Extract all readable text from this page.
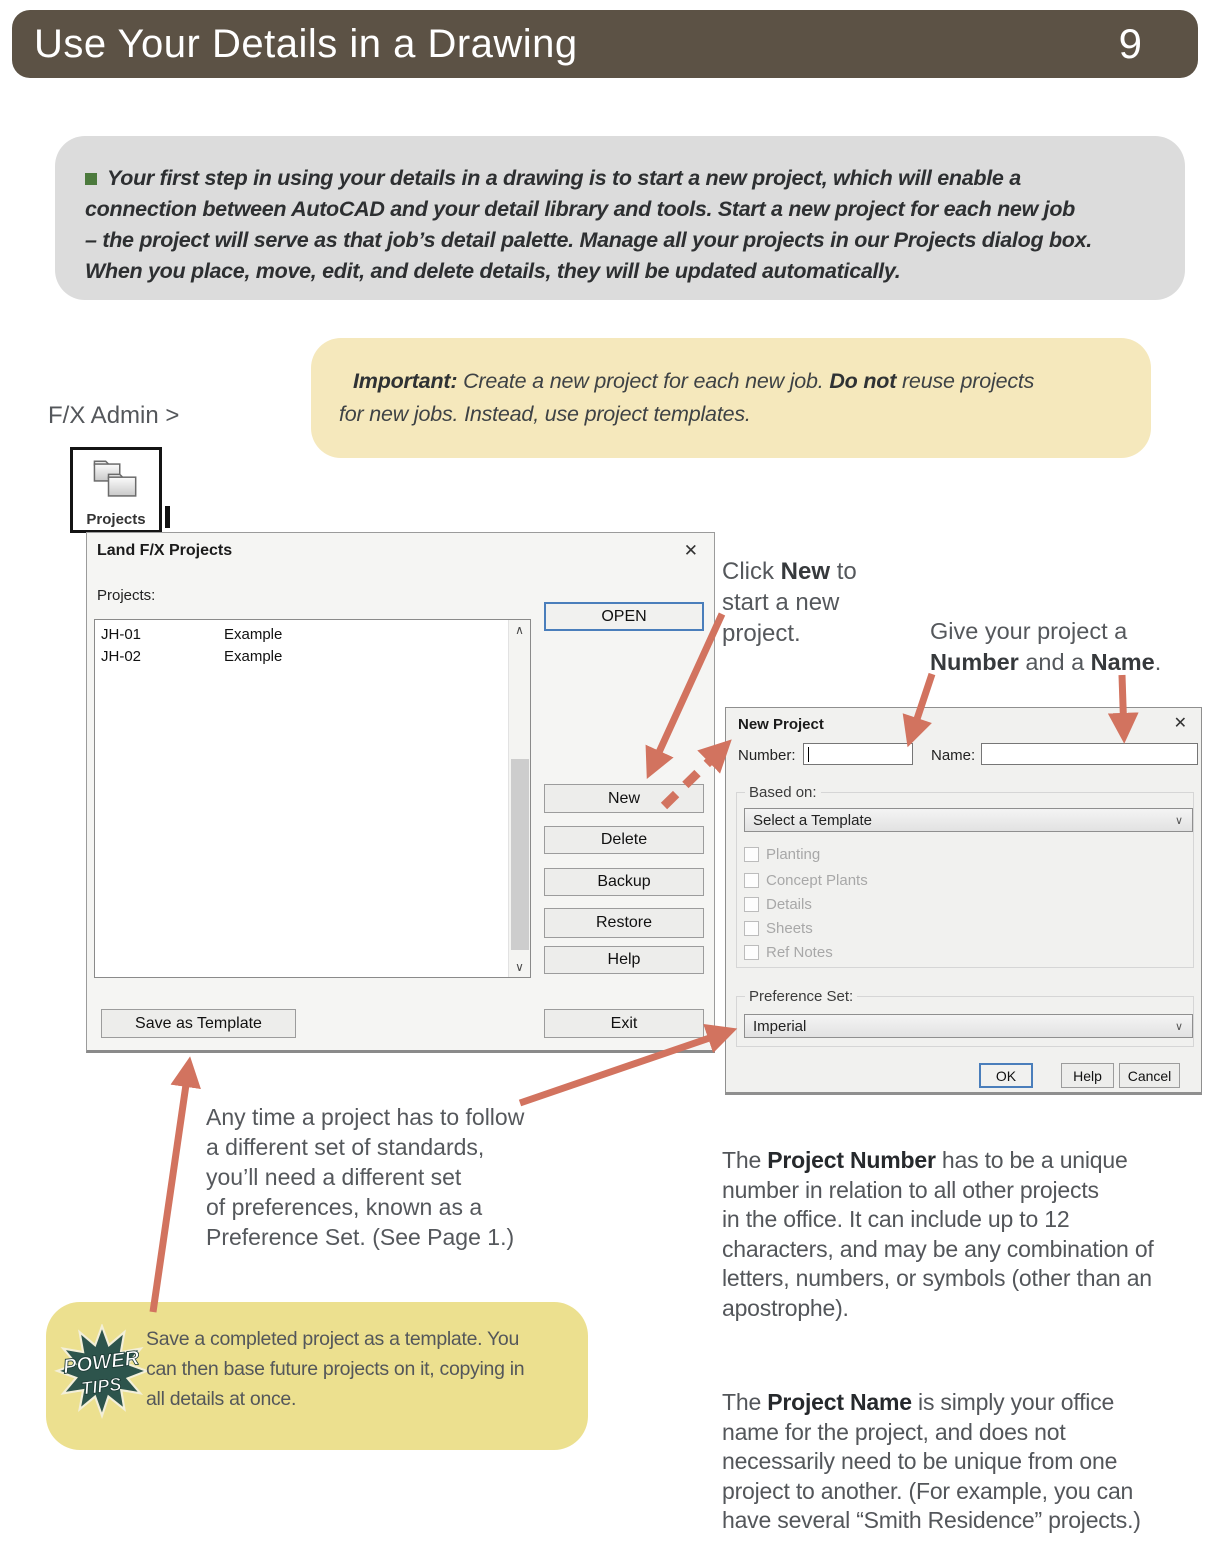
Use Your Details in a Drawing	9
Your first step in using your details in a drawing is to start a new project, which will enable a
connection between AutoCAD and your detail library and tools. Start a new project for each new job
– the project will serve as that job’s detail palette. Manage all your projects in our Projects dialog box.
When you place, move, edit, and delete details, they will be updated automatically.
Important: Create a new project for each new job. Do not reuse projects
for new jobs. Instead, use project templates.
F/X Admin >
Projects
Land F/X Projects	✕
Projects:
JH-01	Example
JH-02	Example
∧
∨
OPEN
New
Delete
Backup
Restore
Help
Exit
Save as Template
New Project	✕
Number:	Name:
Based on:
Select a Template	∨
Planting
Concept Plants
Details
Sheets
Ref Notes
Preference Set:
Imperial	∨
OK	Help	Cancel
Click New to
start a new
project.	Give your project a
Number and a Name.
Any time a project has to follow
a different set of standards,
you’ll need a different set
of preferences, known as a
Preference Set. (See Page 1.)
POWER
TIPS
Save a completed project as a template. You
can then base future projects on it, copying in
all details at once.
The Project Number has to be a unique
number in relation to all other projects
in the office. It can include up to 12
characters, and may be any combination of
letters, numbers, or symbols (other than an
apostrophe).
The Project Name is simply your office
name for the project, and does not
necessarily need to be unique from one
project to another. (For example, you can
have several “Smith Residence” projects.)
